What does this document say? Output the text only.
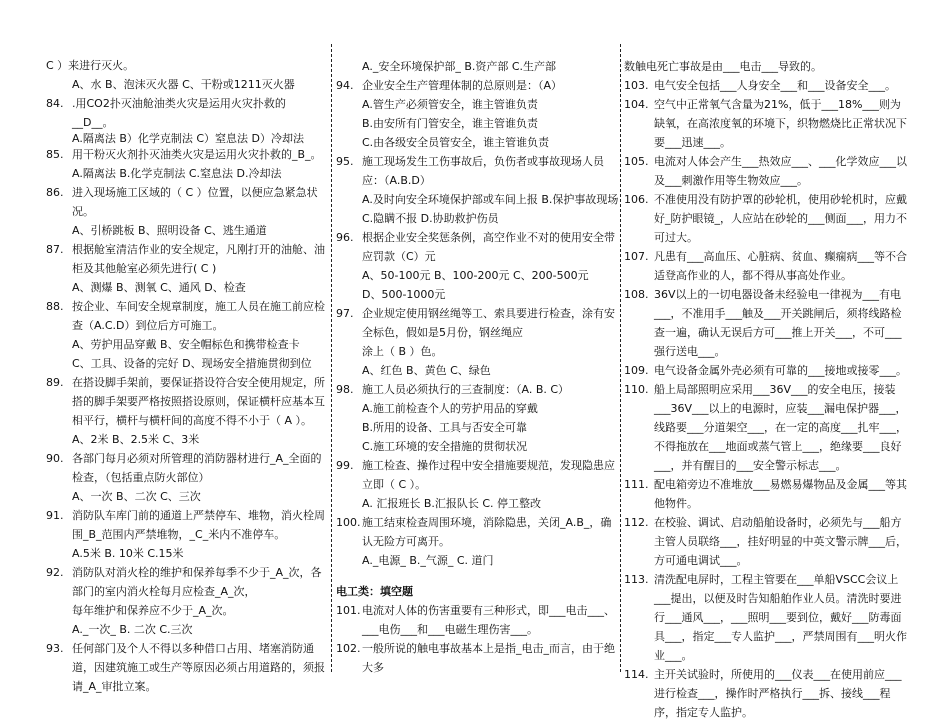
C ）来进行灭火。
A、水 B、泡沫灭火器 C、干粉或1211灭火器
84. .用CO2扑灭油舱油类火灾是运用火灾扑救的__D__。
A.隔离法 B）化学克制法 C）窒息法 D）冷却法
85. 用干粉灭火剂扑灭油类火灾是运用火灾扑救的_B_。
A.隔离法 B.化学克制法 C.窒息法 D.冷却法
86. 进入现场施工区域的（ C ）位置，以便应急紧急状况。
A、引桥跳板 B、照明设备 C、逃生通道
87. 根据舱室清洁作业的安全规定，凡刚打开的油舱、油柜及其他舱室必须先进行( C )
A、测爆 B、测氧 C、通风 D、检查
88. 按企业、车间安全规章制度，施工人员在施工前应检查（A.C.D）到位后方可施工。
A、劳护用品穿戴 B、安全帽标色和携带检查卡
C、工具、设备的完好 D、现场安全措施贯彻到位
89. 在搭设脚手架前，要保证搭设符合安全使用规定，所搭的脚手架要严格按照搭设原则，保证横杆应基本互相平行，横杆与横杆间的高度不得不小于（ A ）。
A、2米 B、2.5米 C、3米
90. 各部门每月必须对所管理的消防器材进行_A_全面的检查，（包括重点防火部位）
A、一次 B、二次 C、三次
91. 消防队车库门前的通道上严禁停车、堆物，消火栓周围_B_范围内严禁堆物，_C_米内不准停车。
A.5米 B. 10米 C.15米
92. 消防队对消火栓的维护和保养每季不少于_A_次，各部门的室内消火栓每月应检查_A_次，
每年维护和保养应不少于_A_次。
A._一次_ B. 二次 C.三次
93. 任何部门及个人不得以多种借口占用、堵塞消防通道，因建筑施工或生产等原因必须占用道路的，须报请_A_审批立案。
A._安全环境保护部_ B.资产部 C.生产部
94. 企业安全生产管理体制的总原则是：（A）
A.管生产必须管安全，谁主管谁负责
B.由安所有门管安全，谁主管谁负责
C.由各级安全员管安全，谁主管谁负责
95. 施工现场发生工伤事故后，负伤者或事故现场人员应：（A.B.D）
A.及时向安全环境保护部或车间上报 B.保护事故现场
C.隐瞒不报 D.协助救护伤员
96. 根据企业安全奖惩条例，高空作业不对的使用安全带应罚款（C）元
A、50-100元 B、100-200元 C、200-500元
D、500-1000元
97. 企业规定使用钢丝绳等工、索具要进行检查，涂有安全标色，假如是5月份，钢丝绳应
涂上（ B ）色。
A、红色 B、黄色 C、绿色
98. 施工人员必须执行的三查制度：（A. B. C）
A.施工前检查个人的劳护用品的穿戴
B.所用的设备、工具与否安全可靠
C.施工环境的安全措施的贯彻状况
99. 施工检查、操作过程中安全措施要规范，发现隐患应立即（ C ）。
A. 汇报班长 B.汇报队长 C. 停工整改
100. 施工结束检查周围环境，消除隐患，关闭_A.B_，确认无险方可离开。
A._电源_ B._气源_ C. 道门
电工类：填空题
101. 电流对人体的伤害重要有三种形式，即___电击___、___电伤___和___电磁生理伤害___。
102. 一般所说的触电事故基本上是指_电击_而言，由于绝大多
数触电死亡事故是由___电击___导致的。
103. 电气安全包括___人身安全___和___设备安全___。
104. 空气中正常氧气含量为21%，低于___18%___则为缺氧，在高浓度氧的环境下，织物燃烧比正常状况下要___迅速___。
105. 电流对人体会产生___热效应___、___化学效应___以及___刺激作用等生物效应___。
106. 不准使用没有防护罩的砂轮机，使用砂轮机时，应戴好_防护眼镜_，人应站在砂轮的___侧面___，用力不可过大。
107. 凡患有___高血压、心脏病、贫血、癫痫病___等不合适登高作业的人，都不得从事高处作业。
108. 36V以上的一切电器设备未经验电一律视为___有电___，不准用手___触及___开关跳闸后，须将线路检查一遍，确认无误后方可___推上开关___，不可___强行送电___。
109. 电气设备金属外壳必须有可靠的___接地或接零___。
110. 船上局部照明应采用___36V___的安全电压，接装___36V___以上的电源时，应装___漏电保护器___，线路要___分道架空___，在一定的高度___扎牢___，不得拖放在___地面或蒸气管上___，绝缘要___良好___，并有醒目的___安全警示标志___。
111. 配电箱旁边不准堆放___易燃易爆物品及金属___等其他物件。
112. 在校验、调试、启动船舶设备时，必须先与___船方主管人员联络___，挂好明显的中英文警示牌___后，方可通电调试___。
113. 清洗配电屏时，工程主管要在___单船VSCC会议上___提出，以便及时告知船舶作业人员。清洗时要进行___通风___，___照明___要到位，戴好___防毒面具___，指定___专人监护___，严禁周围有___明火作业___。
114. 主开关试验时，所使用的___仪表___在使用前应___进行检查___，操作时严格执行___拆、接线___程序，指定专人监护。
